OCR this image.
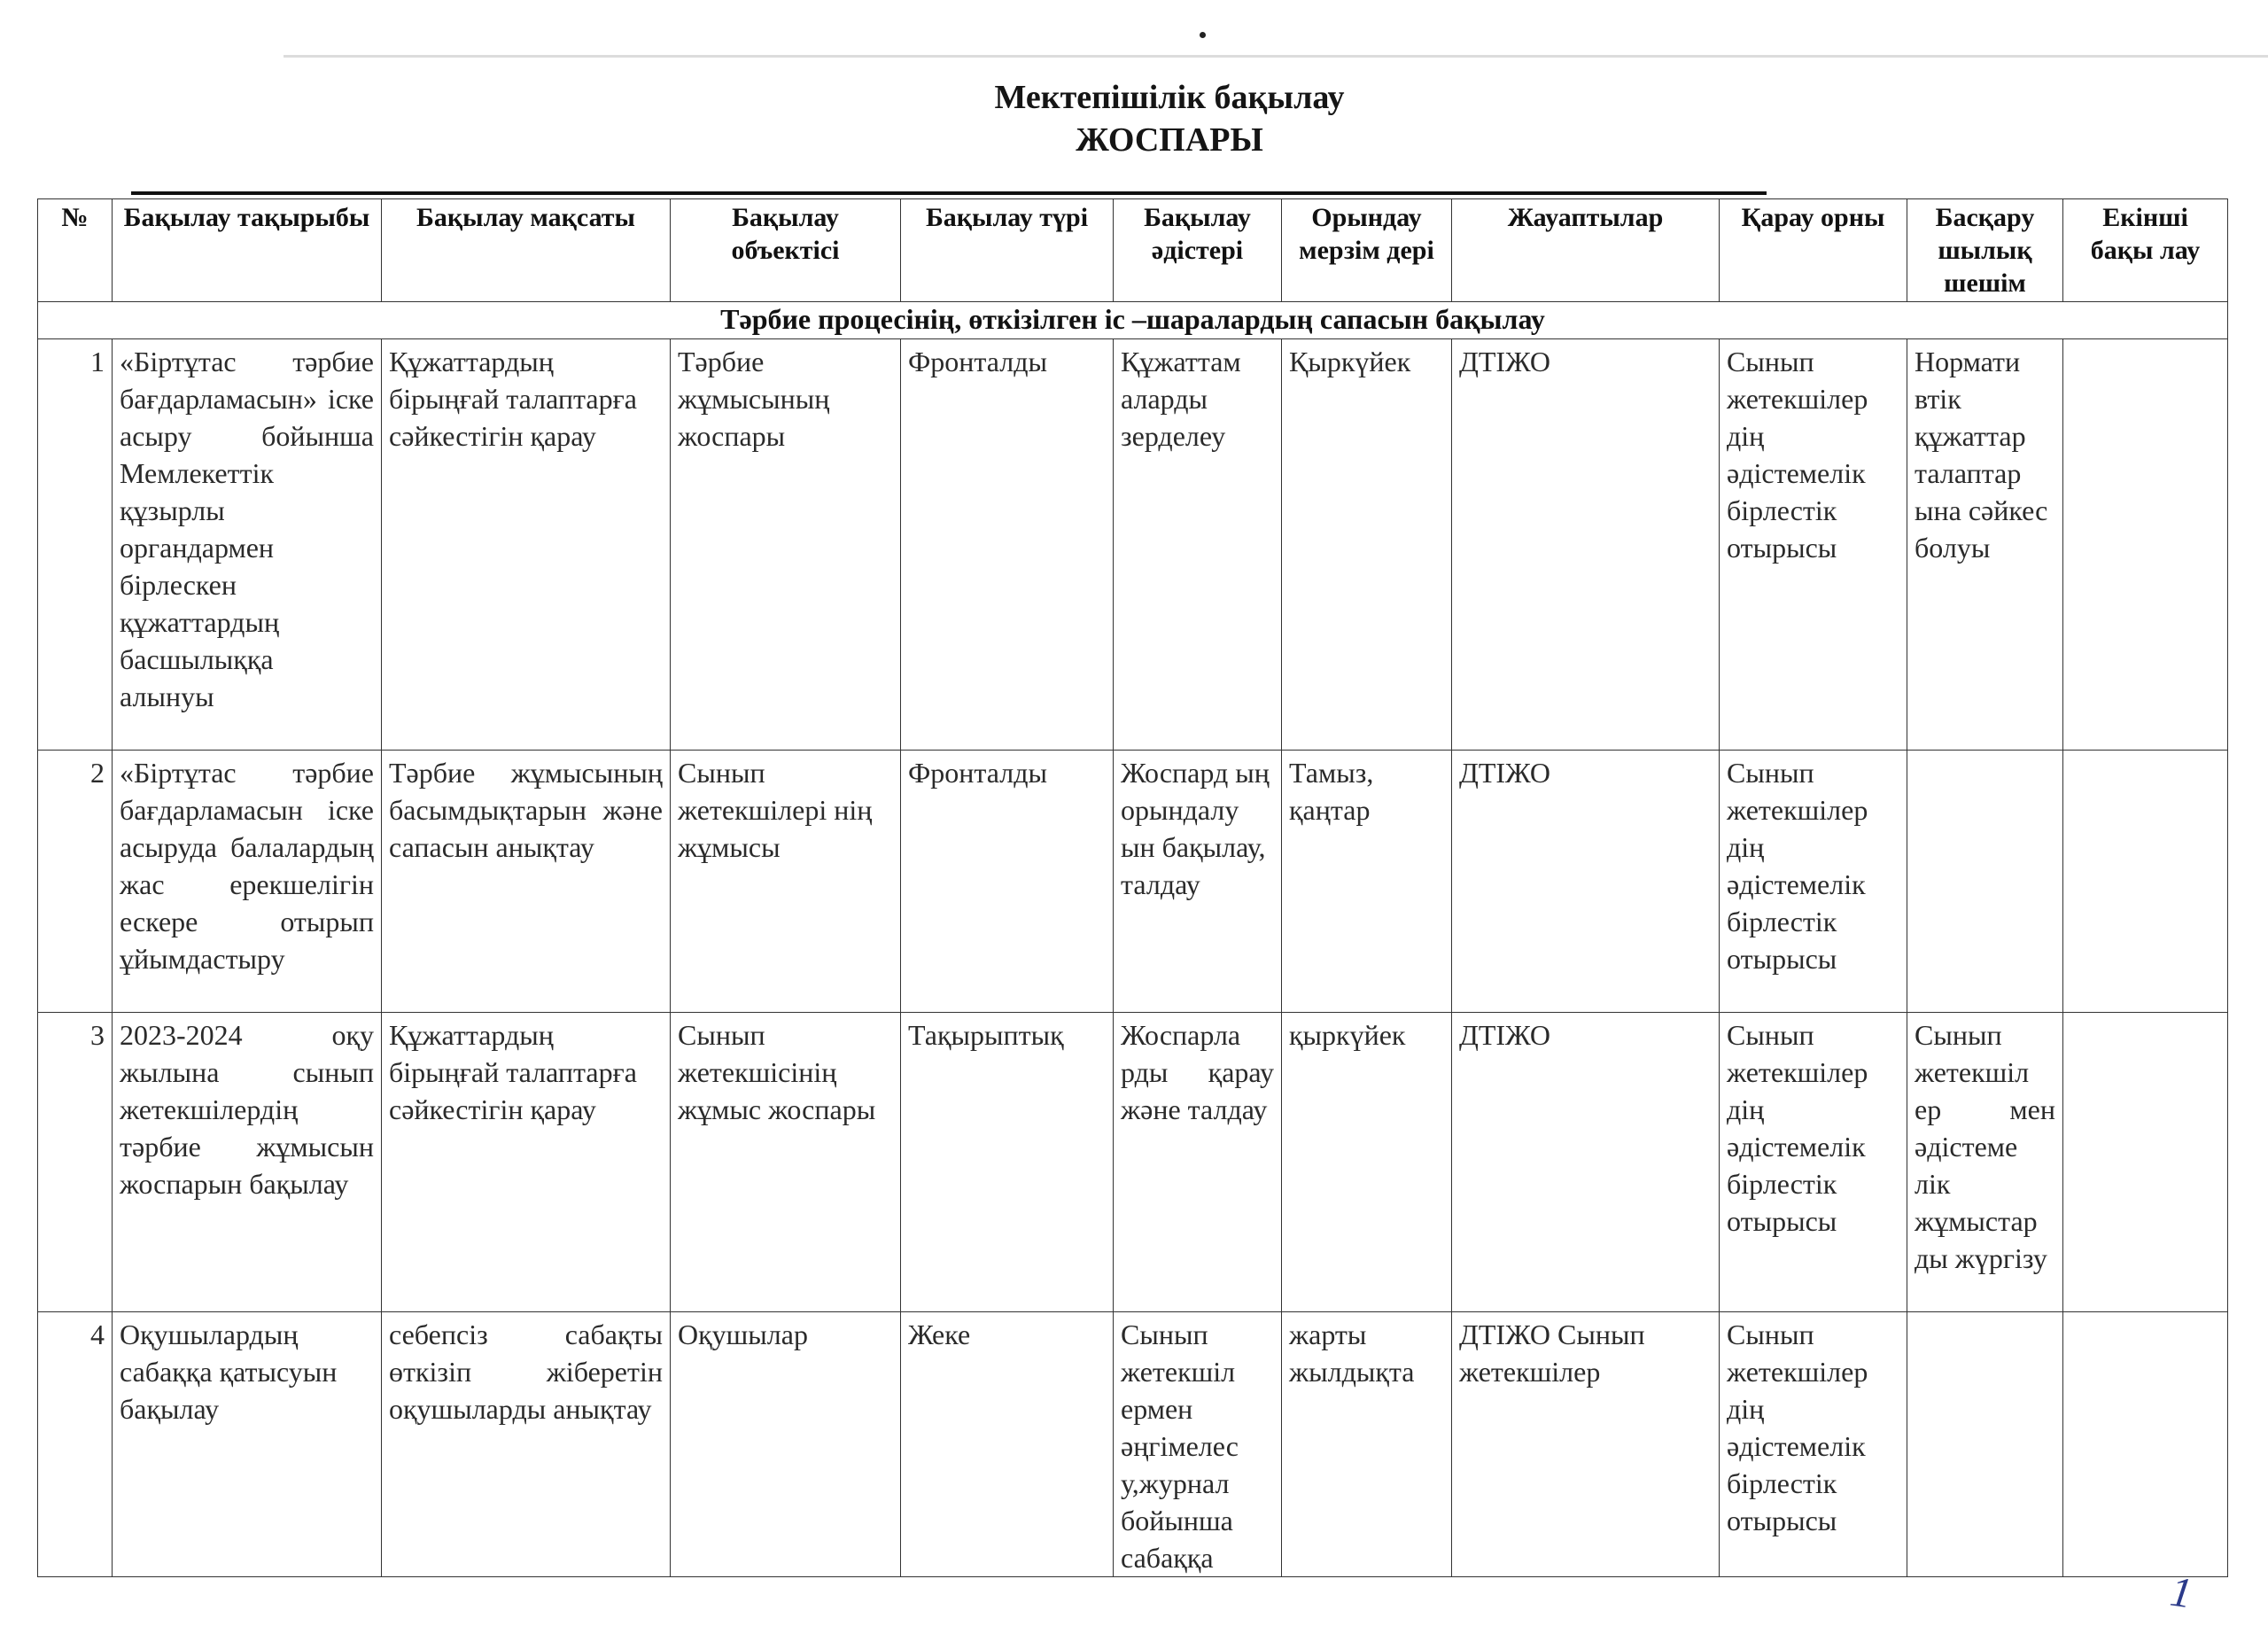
Мектепішілік бақылау
ЖОСПАРЫ
№	Бақылау тақырыбы	Бақылау мақсаты	Бақылау объектісі	Бақылау түрі	Бақылау әдістері	Орындау мерзім дері	Жауаптылар	Қарау орны	Басқару шылық шешім	Екінші бақы лау
Тәрбие процесінің, өткізілген іс –шаралардың сапасын бақылау										
1	«Біртұтас тәрбие бағдарламасын» іске асыру бойынша Мемлекеттік құзырлы органдармен бірлескен құжаттардың басшылыққа алынуы	Құжаттардың бірыңғай талаптарға сәйкестігін қарау	Тәрбие жұмысының жоспары	Фронталды	Құжаттам аларды зерделеу	Қыркүйек	ДТІЖО	Сынып жетекшілер дің әдістемелік бірлестік отырысы	Нормати втік құжаттар талаптар ына сәйкес болуы	
2	«Біртұтас тәрбие бағдарламасын іске асыруда балалардың жас ерекшелігін ескере отырып ұйымдастыру	Тәрбие жұмысының басымдықтарын және сапасын анықтау	Сынып жетекшілері нің жұмысы	Фронталды	Жоспард ың орындалу ын бақылау, талдау	Тамыз, қаңтар	ДТІЖО	Сынып жетекшілер дің әдістемелік бірлестік отырысы		
3	2023-2024 оқу жылына сынып жетекшілердің тәрбие жұмысын жоспарын бақылау	Құжаттардың бірыңғай талаптарға сәйкестігін қарау	Сынып жетекшісінің жұмыс жоспары	Тақырыптық	Жоспарла рды қарау және талдау	қыркүйек	ДТІЖО	Сынып жетекшілер дің әдістемелік бірлестік отырысы	Сынып жетекшіл ер мен әдістеме лік жұмыстар ды жүргізу	
4	Оқушылардың сабаққа қатысуын бақылау	себепсіз сабақты өткізіп жіберетін оқушыларды анықтау	Оқушылар	Жеке	Сынып жетекшіл ермен әңгімелес у,журнал бойынша сабаққа	жарты жылдықта	ДТІЖО Сынып жетекшілер	Сынып жетекшілер дің әдістемелік бірлестік отырысы		
1
